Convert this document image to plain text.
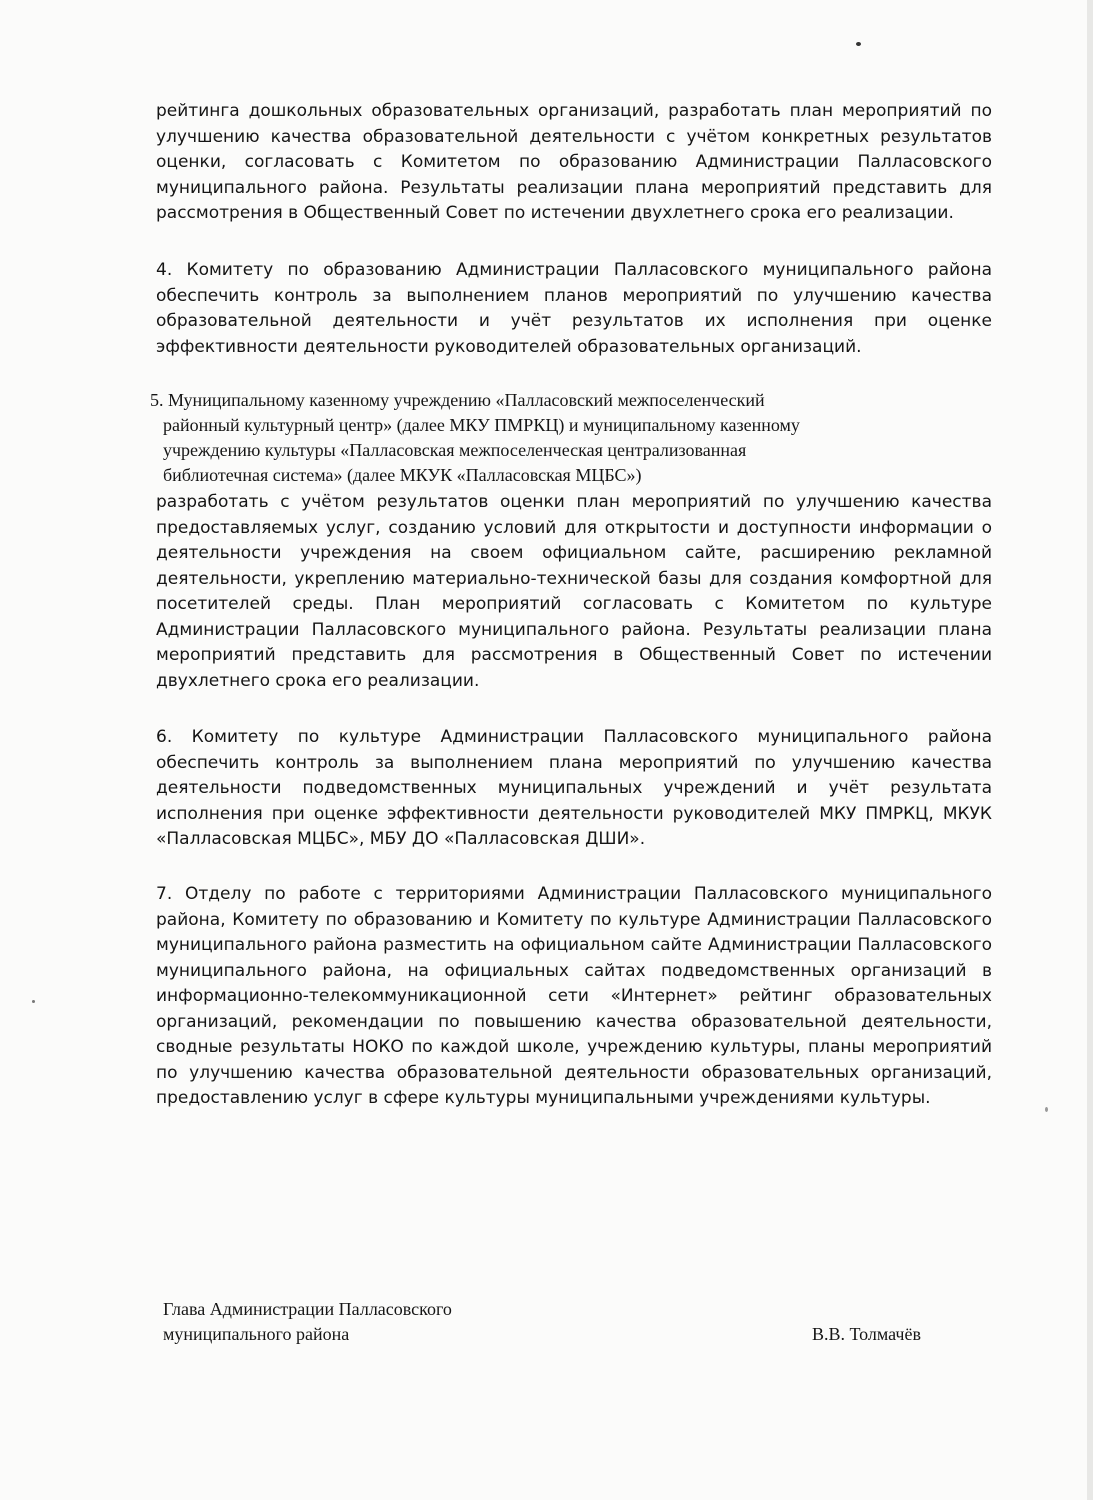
рейтинга дошкольных образовательных организаций, разработать план мероприятий по улучшению качества образовательной деятельности с учётом конкретных результатов оценки, согласовать с Комитетом по образованию Администрации Палласовского муниципального района. Результаты реализации плана мероприятий представить для рассмотрения в Общественный Совет по истечении двухлетнего срока его реализации.

4. Комитету по образованию Администрации Палласовского муниципального района обеспечить контроль за выполнением планов мероприятий по улучшению качества образовательной деятельности и учёт результатов их исполнения при оценке эффективности деятельности руководителей образовательных организаций.

5. Муниципальному казенному учреждению «Палласовский межпоселенческий

районный культурный центр» (далее МКУ ПМРКЦ) и муниципальному казенному

учреждению культуры «Палласовская межпоселенческая централизованная

библиотечная система» (далее МКУК «Палласовская МЦБС»)

разработать с учётом результатов оценки план мероприятий по улучшению качества предоставляемых услуг, созданию условий для открытости и доступности информации о деятельности учреждения на своем официальном сайте, расширению рекламной деятельности, укреплению материально-технической базы для создания комфортной для посетителей среды. План мероприятий согласовать с Комитетом по культуре Администрации Палласовского муниципального района. Результаты реализации плана мероприятий представить для рассмотрения в Общественный Совет по истечении двухлетнего срока его реализации.

6. Комитету по культуре Администрации Палласовского муниципального района обеспечить контроль за выполнением плана мероприятий по улучшению качества деятельности подведомственных муниципальных учреждений и учёт результата исполнения при оценке эффективности деятельности руководителей МКУ ПМРКЦ, МКУК «Палласовская МЦБС», МБУ ДО «Палласовская ДШИ».

7. Отделу по работе с территориями Администрации Палласовского муниципального района, Комитету по образованию и Комитету по культуре Администрации Палласовского муниципального района разместить на официальном сайте Администрации Палласовского муниципального района, на официальных сайтах подведомственных организаций в информационно-телекоммуникационной сети «Интернет» рейтинг образовательных организаций, рекомендации по повышению качества образовательной деятельности, сводные результаты НОКО по каждой школе, учреждению культуры, планы мероприятий по улучшению качества образовательной деятельности образовательных организаций, предоставлению услуг в сфере культуры муниципальными учреждениями культуры.

Глава Администрации Палласовского

муниципального района	В.В. Толмачёв
